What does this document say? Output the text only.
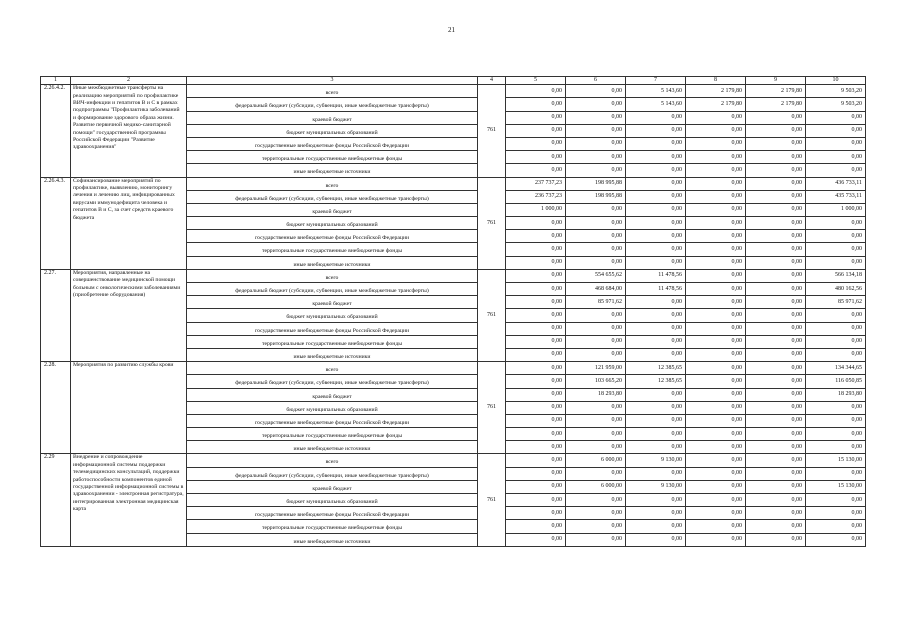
21
1	2	3	4	5	6	7	8	9	10
2.26.4.2.	Иные межбюджетные трансферты на реализацию мероприятий по профилактике ВИЧ-инфекции и гепатитов В и С в рамках подпрограммы "Профилактика заболеваний и формирование здорового образа жизни. Развитие первичной медико-санитарной помощи" государственной программы Российской Федерации "Развитие здравоохранения"	всего	761	0,00	0,00	5 143,60	2 179,80	2 179,80	9 503,20
		федеральный бюджет (субсидии, субвенции, иные межбюджетные трансферты)		0,00	0,00	5 143,60	2 179,80	2 179,80	9 503,20
		краевой бюджет		0,00	0,00	0,00	0,00	0,00	0,00
		бюджет муниципальных образований		0,00	0,00	0,00	0,00	0,00	0,00
		государственные внебюджетные фонды Российской Федерации		0,00	0,00	0,00	0,00	0,00	0,00
		территориальные государственные внебюджетные фонды		0,00	0,00	0,00	0,00	0,00	0,00
		иные внебюджетные источники		0,00	0,00	0,00	0,00	0,00	0,00
2.26.4.3.	Софинансирование мероприятий по профилактике, выявлению, мониторингу лечения и лечению лиц, инфицированных вирусами иммунодефицита человека и гепатитов В и С, за счет средств краевого бюджета	всего	761	237 737,23	198 995,88	0,00	0,00	0,00	436 733,11
		федеральный бюджет (субсидии, субвенции, иные межбюджетные трансферты)		236 737,23	198 995,88	0,00	0,00	0,00	435 733,11
		краевой бюджет		1 000,00	0,00	0,00	0,00	0,00	1 000,00
		бюджет муниципальных образований		0,00	0,00	0,00	0,00	0,00	0,00
		государственные внебюджетные фонды Российской Федерации		0,00	0,00	0,00	0,00	0,00	0,00
		территориальные государственные внебюджетные фонды		0,00	0,00	0,00	0,00	0,00	0,00
		иные внебюджетные источники		0,00	0,00	0,00	0,00	0,00	0,00
2.27.	Мероприятия, направленные на совершенствование медицинской помощи больным с онкологическими заболеваниями (приобретение оборудования)	всего	761	0,00	554 655,62	11 478,56	0,00	0,00	566 134,18
		федеральный бюджет (субсидии, субвенции, иные межбюджетные трансферты)		0,00	468 684,00	11 478,56	0,00	0,00	480 162,56
		краевой бюджет		0,00	85 971,62	0,00	0,00	0,00	85 971,62
		бюджет муниципальных образований		0,00	0,00	0,00	0,00	0,00	0,00
		государственные внебюджетные фонды Российской Федерации		0,00	0,00	0,00	0,00	0,00	0,00
		территориальные государственные внебюджетные фонды		0,00	0,00	0,00	0,00	0,00	0,00
		иные внебюджетные источники		0,00	0,00	0,00	0,00	0,00	0,00
2.28.	Мероприятия по развитию службы крови	всего	761	0,00	121 959,00	12 385,65	0,00	0,00	134 344,65
		федеральный бюджет (субсидии, субвенции, иные межбюджетные трансферты)		0,00	103 665,20	12 385,65	0,00	0,00	116 050,85
		краевой бюджет		0,00	18 293,80	0,00	0,00	0,00	18 293,80
		бюджет муниципальных образований		0,00	0,00	0,00	0,00	0,00	0,00
		государственные внебюджетные фонды Российской Федерации		0,00	0,00	0,00	0,00	0,00	0,00
		территориальные государственные внебюджетные фонды		0,00	0,00	0,00	0,00	0,00	0,00
		иные внебюджетные источники		0,00	0,00	0,00	0,00	0,00	0,00
2.29	Внедрение и сопровождение информационной системы поддержки телемедицинских консультаций, поддержки работоспособности компонентов единой государственной информационной системы в здравоохранении - электронная регистратура, интегрированная электронная медицинская карта	всего	761	0,00	6 000,00	9 130,00	0,00	0,00	15 130,00
		федеральный бюджет (субсидии, субвенции, иные межбюджетные трансферты)		0,00	0,00	0,00	0,00	0,00	0,00
		краевой бюджет		0,00	6 000,00	9 130,00	0,00	0,00	15 130,00
		бюджет муниципальных образований		0,00	0,00	0,00	0,00	0,00	0,00
		государственные внебюджетные фонды Российской Федерации		0,00	0,00	0,00	0,00	0,00	0,00
		территориальные государственные внебюджетные фонды		0,00	0,00	0,00	0,00	0,00	0,00
		иные внебюджетные источники		0,00	0,00	0,00	0,00	0,00	0,00
